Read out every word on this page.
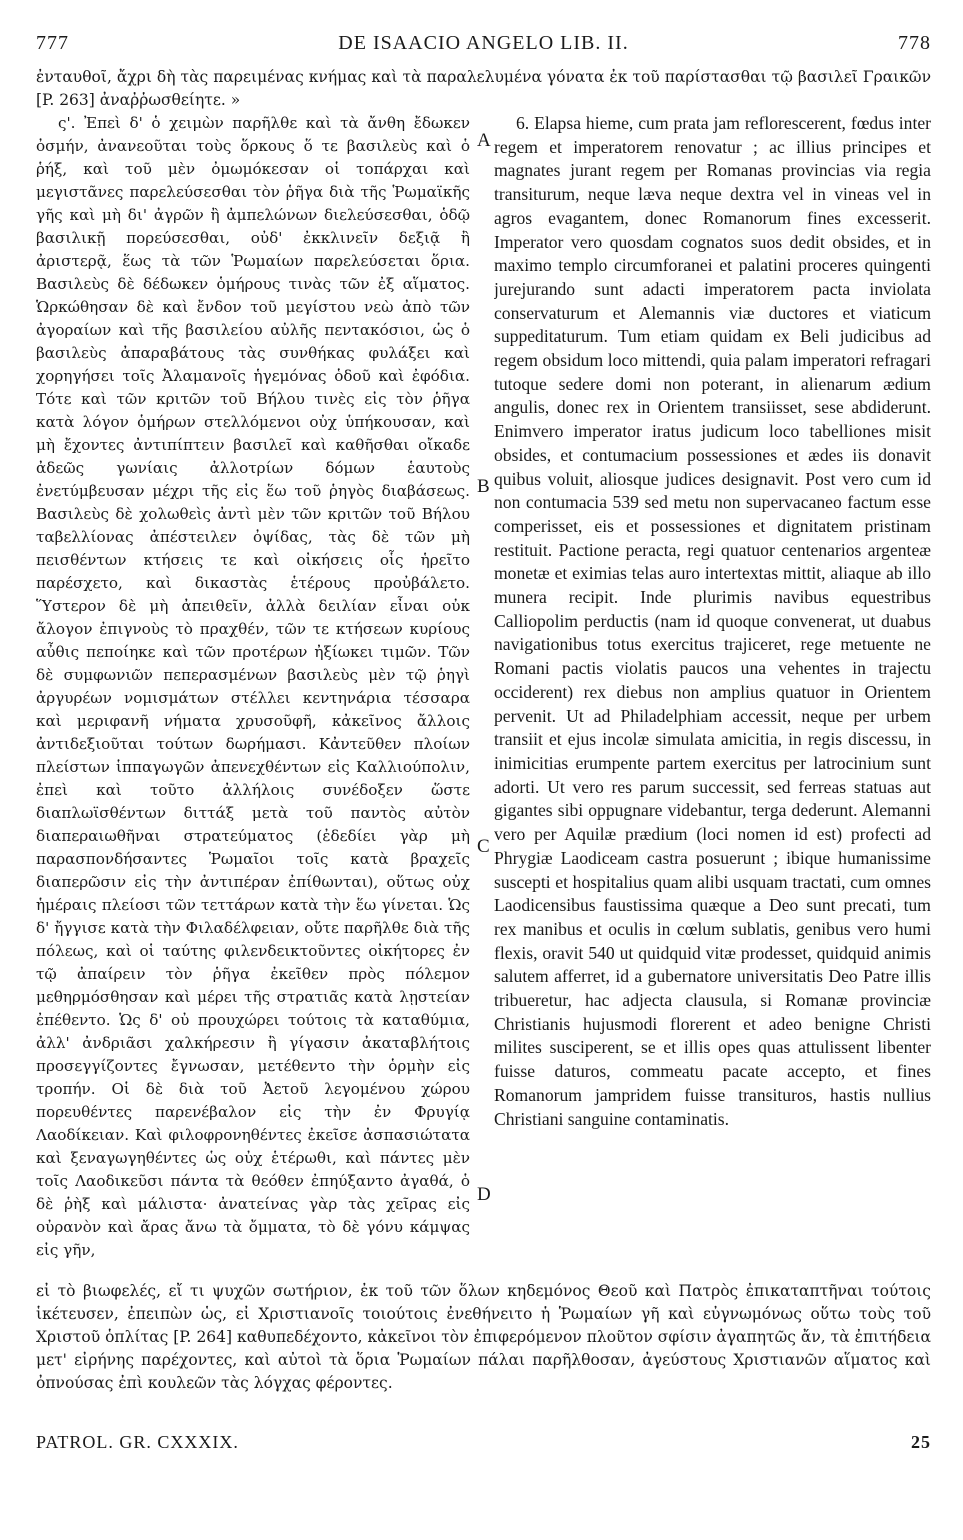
777	DE ISAACIO ANGELO LIB. II.	778

ἐνταυθοῖ, ἄχρι δὴ τὰς παρειμένας κνήμας καὶ τὰ παραλελυμένα γόνατα ἐκ τοῦ παρίστασθαι τῷ βασιλεῖ Γραικῶν [P. 263] ἀναῤῥωσθείητε. »

ς'. Ἐπεὶ δ' ὁ χειμὼν παρῆλθε καὶ τὰ ἄνθη ἔδωκεν ὀσμήν, ἀνανεοῦται τοὺς ὅρκους ὅ τε βασιλεὺς καὶ ὁ ῥήξ, καὶ τοῦ μὲν ὀμωμόκεσαν οἱ τοπάρχαι καὶ μεγιστᾶνες παρελεύσεσθαι τὸν ῥῆγα διὰ τῆς Ῥωμαϊκῆς γῆς καὶ μὴ δι' ἀγρῶν ἢ ἀμπελώνων διελεύσεσθαι, ὁδῷ βασιλικῇ πορεύσεσθαι, οὐδ' ἐκκλινεῖν δεξιᾷ ἢ ἀριστερᾷ, ἕως τὰ τῶν Ῥωμαίων παρελεύσεται ὅρια. Βασιλεὺς δὲ δέδωκεν ὁμήρους τινὰς τῶν ἐξ αἵματος. Ὡρκώθησαν δὲ καὶ ἔνδον τοῦ μεγίστου νεὼ ἀπὸ τῶν ἀγοραίων καὶ τῆς βασιλείου αὐλῆς πεντακόσιοι, ὡς ὁ βασιλεὺς ἀπαραβάτους τὰς συνθήκας φυλάξει καὶ χορηγήσει τοῖς Ἀλαμανοῖς ἡγεμόνας ὁδοῦ καὶ ἐφόδια. Τότε καὶ τῶν κριτῶν τοῦ Βήλου τινὲς εἰς τὸν ῥῆγα κατὰ λόγον ὁμήρων στελλόμενοι οὐχ ὑπήκουσαν, καὶ μὴ ἔχοντες ἀντιπίπτειν βασιλεῖ καὶ καθῆσθαι οἴκαδε ἀδεῶς γωνίαις ἀλλοτρίων δόμων ἑαυτοὺς ἐνετύμβευσαν μέχρι τῆς εἰς ἕω τοῦ ῥηγὸς διαβάσεως. Βασιλεὺς δὲ χολωθεὶς ἀντὶ μὲν τῶν κριτῶν τοῦ Βήλου ταβελλίονας ἀπέστειλεν ὀψίδας, τὰς δὲ τῶν μὴ πεισθέντων κτήσεις τε καὶ οἰκήσεις οἷς ἡρεῖτο παρέσχετο, καὶ δικαστὰς ἑτέρους προὐβάλετο. Ὕστερον δὲ μὴ ἀπειθεῖν, ἀλλὰ δειλίαν εἶναι οὐκ ἄλογον ἐπιγνοὺς τὸ πραχθέν, τῶν τε κτήσεων κυρίους αὖθις πεποίηκε καὶ τῶν προτέρων ἠξίωκει τιμῶν. Τῶν δὲ συμφωνιῶν πεπερασμένων βασιλεὺς μὲν τῷ ῥηγὶ ἀργυρέων νομισμάτων στέλλει κεντηνάρια τέσσαρα καὶ μεριφανῆ νήματα χρυσοῦφῆ, κἀκεῖνος ἄλλοις ἀντιδεξιοῦται τούτων δωρήμασι. Κἀντεῦθεν πλοίων πλείστων ἱππαγωγῶν ἀπενεχθέντων εἰς Καλλιούπολιν, ἐπεὶ καὶ τοῦτο ἀλλήλοις συνέδοξεν ὥστε διαπλωϊσθέντων διττάξ μετὰ τοῦ παντὸς αὐτὸν διαπεραιωθῆναι στρατεύματος (ἐδεδίει γὰρ μὴ παρασπονδήσαντες Ῥωμαῖοι τοῖς κατὰ βραχεῖς διαπερῶσιν εἰς τὴν ἀντιπέραν ἐπίθωνται), οὕτως οὐχ ἡμέραις πλείοσι τῶν τεττάρων κατὰ τὴν ἕω γίνεται. Ὡς δ' ἤγγισε κατὰ τὴν Φιλαδέλφειαν, οὔτε παρῆλθε διὰ τῆς πόλεως, καὶ οἱ ταύτης φιλενδεικτοῦντες οἰκήτορες ἐν τῷ ἀπαίρειν τὸν ῥῆγα ἐκεῖθεν πρὸς πόλεμον μεθηρμόσθησαν καὶ μέρει τῆς στρατιᾶς κατὰ λῃστείαν ἐπέθεντο. Ὡς δ' οὐ προυχώρει τούτοις τὰ καταθύμια, ἀλλ' ἀνδριᾶσι χαλκήρεσιν ἢ γίγασιν ἀκαταβλήτοις προσεγγίζοντες ἔγνωσαν, μετέθεντο τὴν ὁρμὴν εἰς τροπήν. Οἱ δὲ διὰ τοῦ Ἀετοῦ λεγομένου χώρου πορευθέντες παρενέβαλον εἰς τὴν ἐν Φρυγίᾳ Λαοδίκειαν. Καὶ φιλοφρονηθέντες ἐκεῖσε ἀσπασιώτατα καὶ ξεναγωγηθέντες ὡς οὐχ ἑτέρωθι, καὶ πάντες μὲν τοῖς Λαοδικεῦσι πάντα τὰ θεόθεν ἐπηύξαντο ἀγαθά, ὁ δὲ ῥὴξ καὶ μάλιστα· ἀνατείνας γὰρ τὰς χεῖρας εἰς οὐρανὸν καὶ ἄρας ἄνω τὰ ὄμματα, τὸ δὲ γόνυ κάμψας εἰς γῆν,

A
B
C
D

6. Elapsa hieme, cum prata jam reflorescerent, fœdus inter regem et imperatorem renovatur ; ac illius principes et magnates jurant regem per Romanas provincias via regia transiturum, neque læva neque dextra vel in vineas vel in agros evagantem, donec Romanorum fines excesserit. Imperator vero quosdam cognatos suos dedit obsides, et in maximo templo circumforanei et palatini proceres quingenti jurejurando sunt adacti imperatorem pacta inviolata conservaturum et Alemannis viæ ductores et viaticum suppeditaturum. Tum etiam quidam ex Beli judicibus ad regem obsidum loco mittendi, quia palam imperatori refragari tutoque sedere domi non poterant, in alienarum ædium angulis, donec rex in Orientem transiisset, sese abdiderunt. Enimvero imperator iratus judicum loco tabelliones misit obsides, et contumacium possessiones et ædes iis donavit quibus voluit, aliosque judices designavit. Post vero cum id non contumacia 539 sed metu non supervacaneo factum esse comperisset, eis et possessiones et dignitatem pristinam restituit. Pactione peracta, regi quatuor centenarios argenteæ monetæ et eximias telas auro intertextas mittit, aliaque ab illo munera recipit. Inde plurimis navibus equestribus Calliopolim perductis (nam id quoque convenerat, ut duabus navigationibus totus exercitus trajiceret, rege metuente ne Romani pactis violatis paucos una vehentes in trajectu occiderent) rex diebus non amplius quatuor in Orientem pervenit. Ut ad Philadelphiam accessit, neque per urbem transiit et ejus incolæ simulata amicitia, in regis discessu, in inimicitias erumpente partem exercitus per latrocinium sunt adorti. Ut vero res parum successit, sed ferreas statuas aut gigantes sibi oppugnare videbantur, terga dederunt. Alemanni vero per Aquilæ prædium (loci nomen id est) profecti ad Phrygiæ Laodiceam castra posuerunt ; ibique humanissime suscepti et hospitalius quam alibi usquam tractati, cum omnes Laodicensibus faustissima quæque a Deo sunt precati, tum rex manibus et oculis in cœlum sublatis, genibus vero humi flexis, oravit 540 ut quidquid vitæ prodesset, quidquid animis salutem afferret, id a gubernatore universitatis Deo Patre illis tribueretur, hac adjecta clausula, si Romanæ provinciæ Christianis hujusmodi florerent et adeo benigne Christi milites susciperent, se et illis opes quas attulissent libenter fuisse daturos, commeatu pacate accepto, et fines Romanorum jampridem fuisse transituros, hastis nullius Christiani sanguine contaminatis.

εἰ τὸ βιωφελές, εἴ τι ψυχῶν σωτήριον, ἐκ τοῦ τῶν ὅλων κηδεμόνος Θεοῦ καὶ Πατρὸς ἐπικαταπτῆναι τούτοις ἱκέτευσεν, ἐπειπὼν ὡς, εἰ Χριστιανοῖς τοιούτοις ἐνεθήνειτο ἡ Ῥωμαίων γῆ καὶ εὐγνωμόνως οὕτω τοὺς τοῦ Χριστοῦ ὁπλίτας [P. 264] καθυπεδέχοντο, κἀκεῖνοι τὸν ἐπιφερόμενον πλοῦτον σφίσιν ἀγαπητῶς ἄν, τὰ ἐπιτήδεια μετ' εἰρήνης παρέχοντες, καὶ αὐτοὶ τὰ ὅρια Ῥωμαίων πάλαι παρῆλθοσαν, ἀγεύστους Χριστιανῶν αἵματος καὶ ὀπνούσας ἐπὶ κουλεῶν τὰς λόγχας φέροντες.

PATROL. GR. CXXXIX.	25
